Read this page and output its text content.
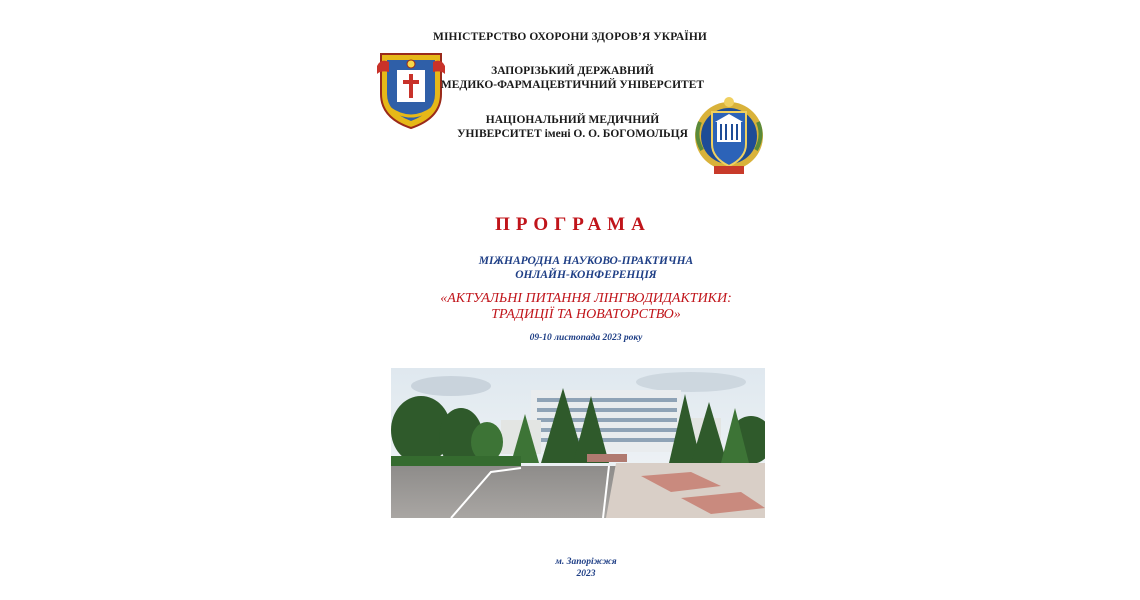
МІНІСТЕРСТВО ОХОРОНИ ЗДОРОВ’Я УКРАЇНИ
ЗАПОРІЗЬКИЙ ДЕРЖАВНИЙ
МЕДИКО-ФАРМАЦЕВТИЧНИЙ УНІВЕРСИТЕТ
НАЦІОНАЛЬНИЙ МЕДИЧНИЙ
УНІВЕРСИТЕТ імені О. О. БОГОМОЛЬЦЯ
ПРОГРАМА
МІЖНАРОДНА НАУКОВО-ПРАКТИЧНА
ОНЛАЙН-КОНФЕРЕНЦІЯ
«АКТУАЛЬНІ ПИТАННЯ ЛІНГВОДИДАКТИКИ:
ТРАДИЦІЇ ТА НОВАТОРСТВО»
09-10 листопада 2023 року
м. Запоріжжя
2023
